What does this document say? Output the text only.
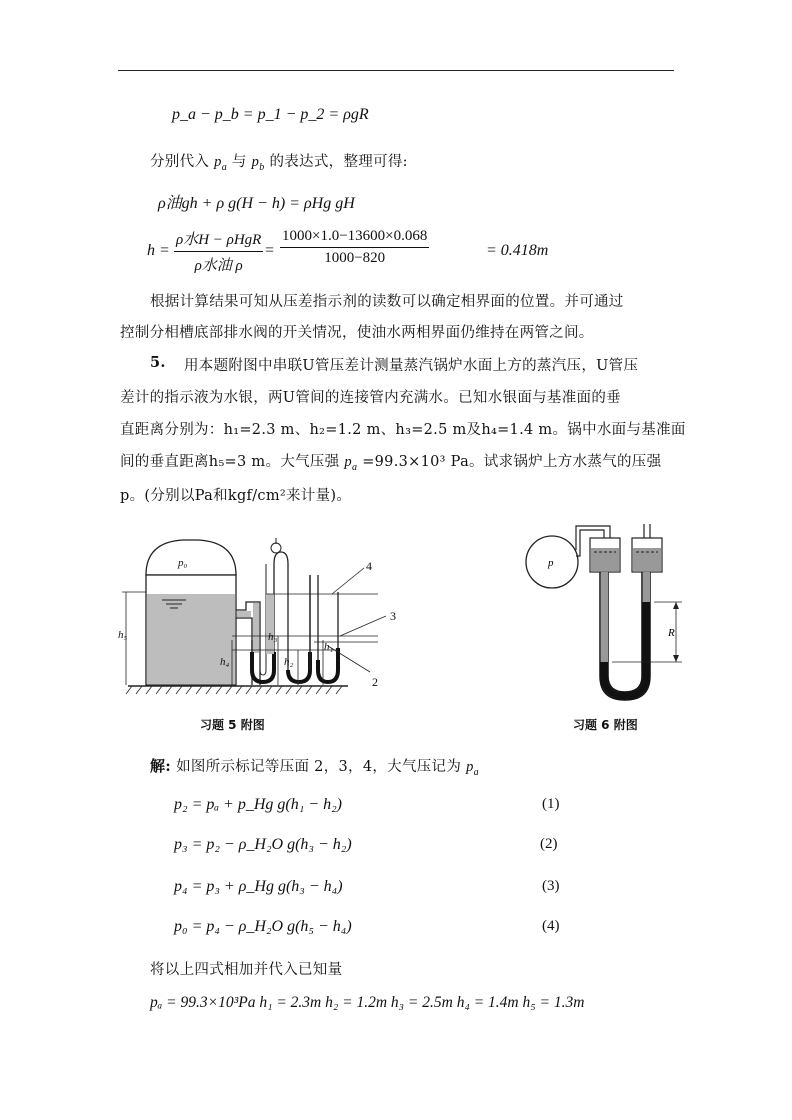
p_a − p_b = p_1 − p_2 = ρgR
分别代入 $p_a$ 与 $p_b$ 的表达式，整理可得:
ρ油gh + ρ g(H − h) = ρHg gH
h =
ρ水H − ρHgR
ρ水油 ρ
= $\frac{1000\times 1.0-13600\times 0.068}{1000-820}$	= 0.418m
根据计算结果可知从压差指示剂的读数可以确定相界面的位置。并可通过
控制分相槽底部排水阀的开关情况，使油水两相界面仍维持在两管之间。
5. 用本题附图中串联U管压差计测量蒸汽锅炉水面上方的蒸汽压，U管压
差计的指示液为水银，两U管间的连接管内充满水。已知水银面与基准面的垂
直距离分别为：h₁=2.3 m、h₂=1.2 m、h₃=2.5 m及h₄=1.4 m。锅中水面与基准面
间的垂直距离h₅=3 m。大气压强 $p_a =99.3\times 10^3$ Pa。试求锅炉上方水蒸气的压强
p。(分别以Pa和kgf/cm²来计量)。
p₀
h₅
h₄
h₃
h₂
h₁
4
3
2
习题 5 附图
p
R
习题 6 附图
解: 如图所示标记等压面 2，3，4，大气压记为 $p_a$
p₂ = pₐ + p_Hg g(h₁ − h₂)	(1)
p₃ = p₂ − ρ_H₂O g(h₃ − h₂)	(2)
p₄ = p₃ + ρ_Hg g(h₃ − h₄)	(3)
p₀ = p₄ − ρ_H₂O g(h₅ − h₄)	(4)
将以上四式相加并代入已知量
pₐ = 99.3×10³Pa h₁ = 2.3m h₂ = 1.2m h₃ = 2.5m h₄ = 1.4m h₅ = 1.3m
